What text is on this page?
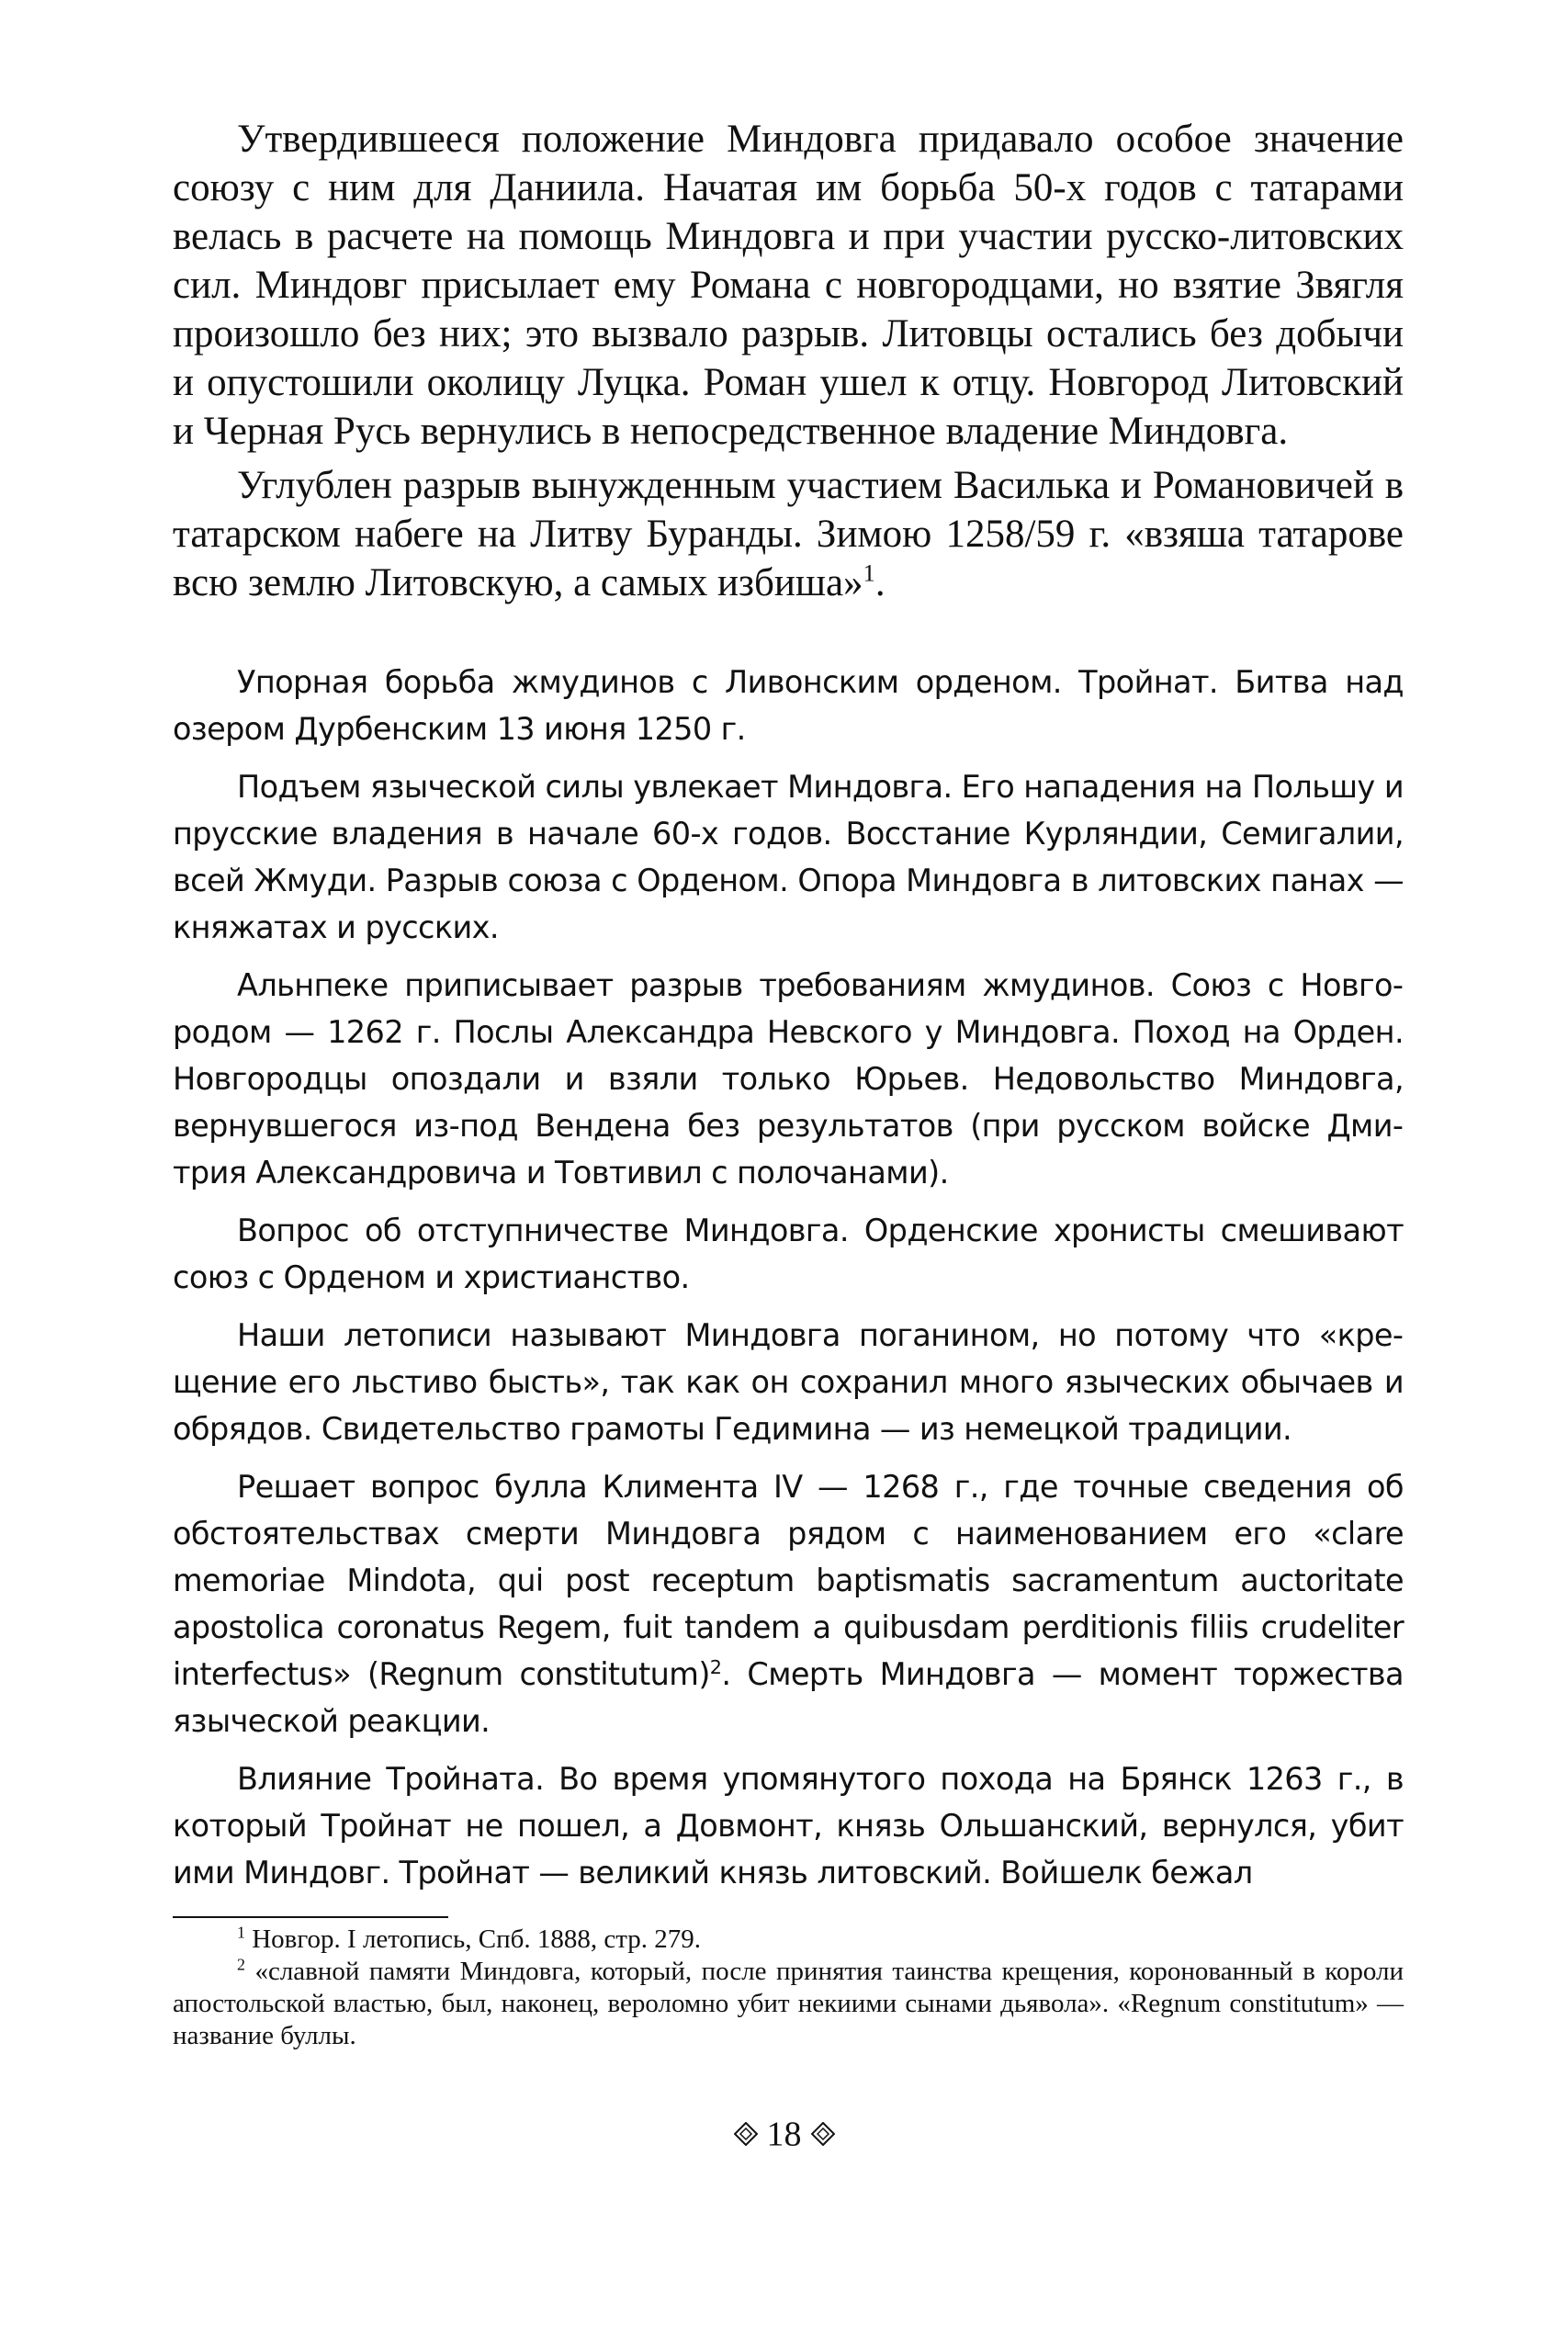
Утвердившееся положение Миндовга придавало особое значение союзу с ним для Даниила. Начатая им борьба 50-х годов с татарами велась в расчете на помощь Миндовга и при участии русско-литовских сил. Миндовг присылает ему Романа с новгородцами, но взятие Звягля произошло без них; это вызвало разрыв. Литовцы остались без добычи и опустошили околицу Луцка. Роман ушел к отцу. Новгород Литовский и Черная Русь вернулись в непосредственное владение Миндовга.

Углублен разрыв вынужденным участием Василька и Романовичей в татарском набеге на Литву Буранды. Зимою 1258/59 г. «взяша татарове всю землю Литовскую, а самых избиша»$^1$.

Упорная борьба жмудинов с Ливонским орденом. Тройнат. Битва над озером Дурбенским 13 июня 1250 г.

Подъем языческой силы увлекает Миндовга. Его нападения на Польшу и прусские владения в начале 60-х годов. Восстание Курляндии, Семигалии, всей Жмуди. Разрыв союза с Орденом. Опора Миндовга в литовских панах — княжатах и русских.

Альнпеке приписывает разрыв требованиям жмудинов. Союз с Новгородом — 1262 г. Послы Александра Невского у Миндовга. Поход на Орден. Новгородцы опоздали и взяли только Юрьев. Недовольство Миндовга, вернувшегося из-под Вендена без результатов (при русском войске Дмитрия Александровича и Товтивил с полочанами).

Вопрос об отступничестве Миндовга. Орденские хронисты смешивают союз с Орденом и христианство.

Наши летописи называют Миндовга поганином, но потому что «крещение его льстиво бысть», так как он сохранил много языческих обычаев и обрядов. Свидетельство грамоты Гедимина — из немецкой традиции.

Решает вопрос булла Климента IV — 1268 г., где точные сведения об обстоятельствах смерти Миндовга рядом с наименованием его «clare memoriae Mindota, qui post receptum baptismatis sacramentum auctoritate apostolica coronatus Regem, fuit tandem a quibusdam perditionis filiis crudeliter interfectus» (Regnum constitutum)$^2$. Смерть Миндовга — момент торжества языческой реакции.

Влияние Тройната. Во время упомянутого похода на Брянск 1263 г., в который Тройнат не пошел, а Довмонт, князь Ольшанский, вернулся, убит ими Миндовг. Тройнат — великий князь литовский. Войшелк бежал

$^1$ Новгор. I летопись, Спб. 1888, стр. 279.

$^2$ «славной памяти Миндовга, который, после принятия таинства крещения, коронованный в короли апостольской властью, был, наконец, вероломно убит некиими сынами дьявола». «Regnum constitutum» — название буллы.

18
